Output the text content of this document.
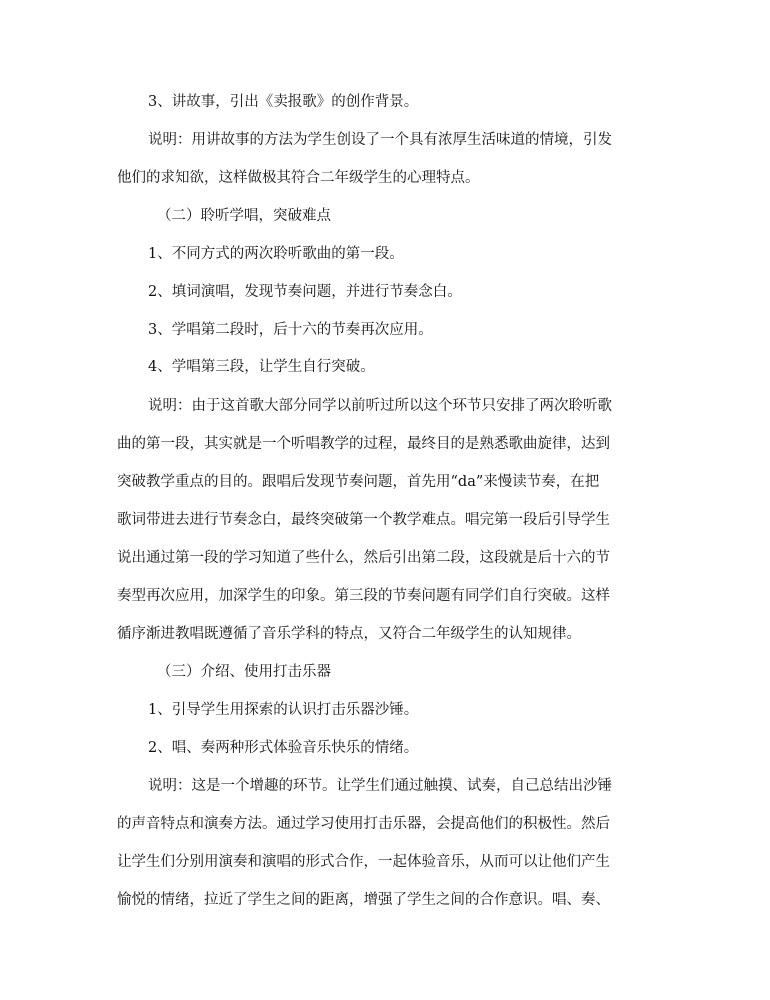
3、讲故事，引出《卖报歌》的创作背景。

说明：用讲故事的方法为学生创设了一个具有浓厚生活味道的情境，引发

他们的求知欲，这样做极其符合二年级学生的心理特点。

（二）聆听学唱，突破难点

1、不同方式的两次聆听歌曲的第一段。

2、填词演唱，发现节奏问题，并进行节奏念白。

3、学唱第二段时，后十六的节奏再次应用。

4、学唱第三段，让学生自行突破。

说明：由于这首歌大部分同学以前听过所以这个环节只安排了两次聆听歌

曲的第一段，其实就是一个听唱教学的过程，最终目的是熟悉歌曲旋律，达到

突破教学重点的目的。跟唱后发现节奏问题，首先用“da”来慢读节奏，在把

歌词带进去进行节奏念白，最终突破第一个教学难点。唱完第一段后引导学生

说出通过第一段的学习知道了些什么，然后引出第二段，这段就是后十六的节

奏型再次应用，加深学生的印象。第三段的节奏问题有同学们自行突破。这样

循序渐进教唱既遵循了音乐学科的特点，又符合二年级学生的认知规律。

（三）介绍、使用打击乐器

1、引导学生用探索的认识打击乐器沙锤。

2、唱、奏两种形式体验音乐快乐的情绪。

说明：这是一个增趣的环节。让学生们通过触摸、试奏，自己总结出沙锤

的声音特点和演奏方法。通过学习使用打击乐器，会提高他们的积极性。然后

让学生们分别用演奏和演唱的形式合作，一起体验音乐，从而可以让他们产生

愉悦的情绪，拉近了学生之间的距离，增强了学生之间的合作意识。唱、奏、
